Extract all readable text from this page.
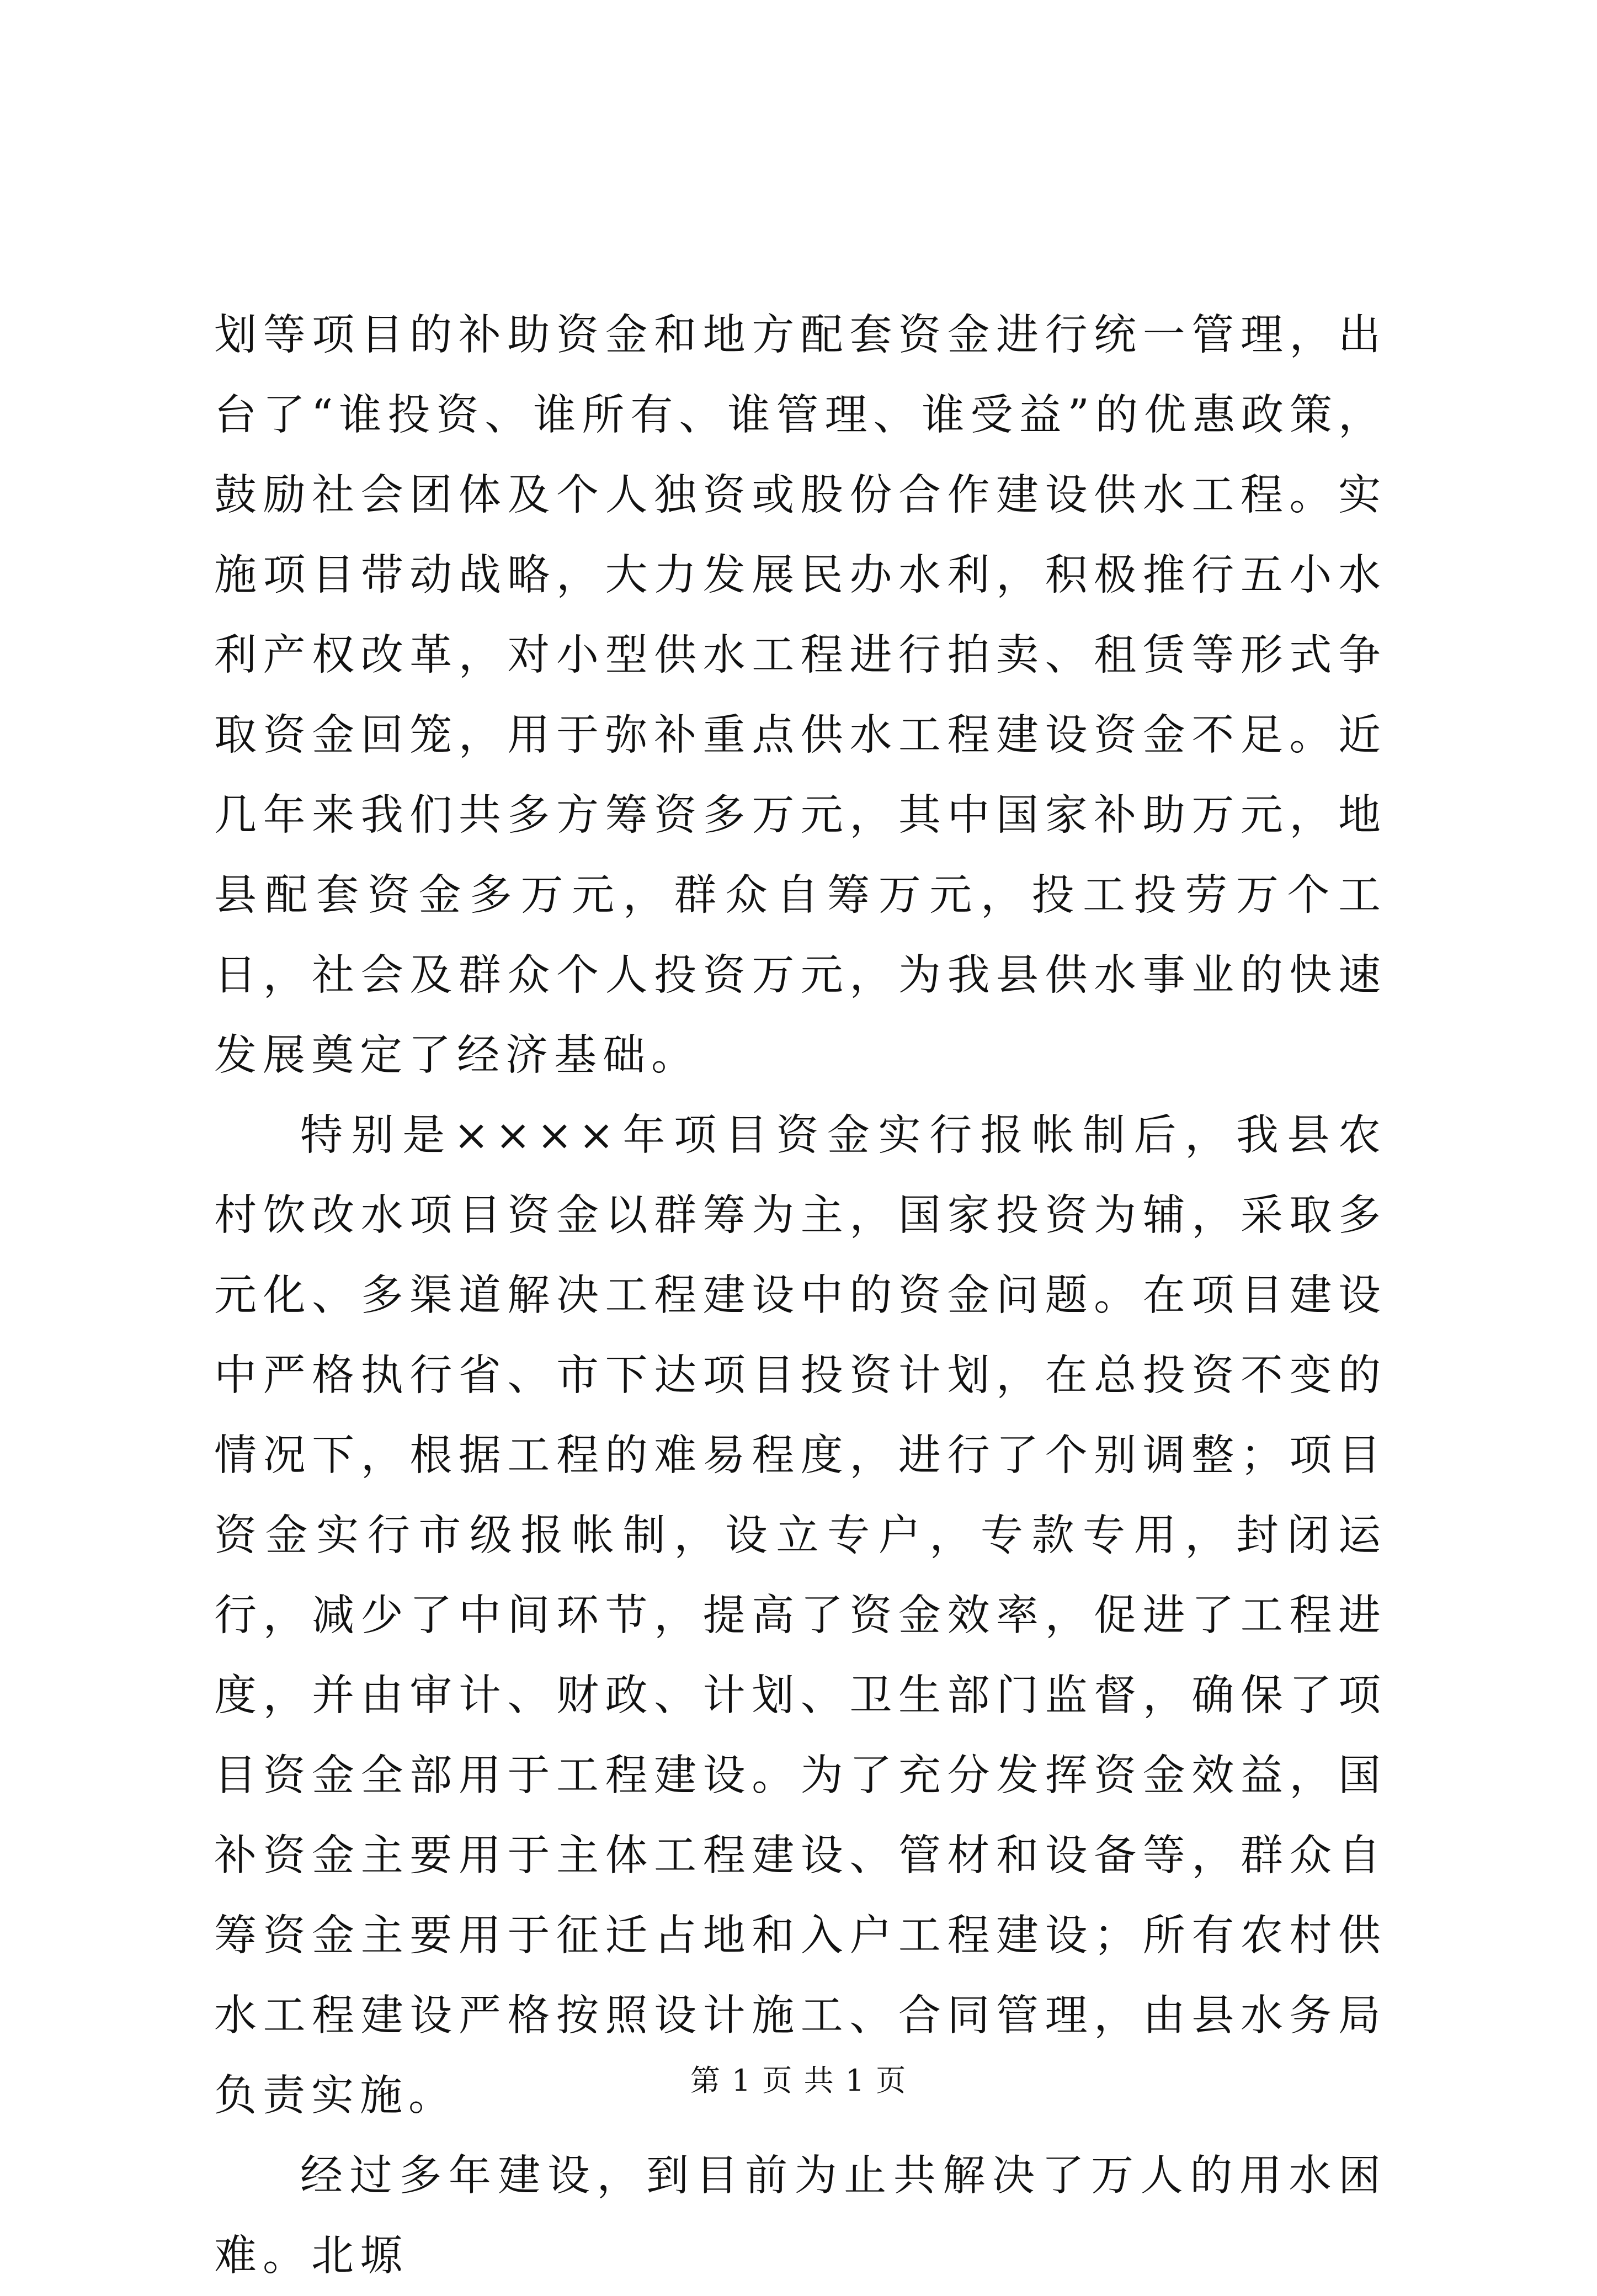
划等项目的补助资金和地方配套资金进行统一管理，出台了“谁投资、谁所有、谁管理、谁受益”的优惠政策，鼓励社会团体及个人独资或股份合作建设供水工程。实施项目带动战略，大力发展民办水利，积极推行五小水利产权改革，对小型供水工程进行拍卖、租赁等形式争取资金回笼，用于弥补重点供水工程建设资金不足。近几年来我们共多方筹资多万元，其中国家补助万元，地县配套资金多万元，群众自筹万元，投工投劳万个工日，社会及群众个人投资万元，为我县供水事业的快速发展奠定了经济基础。

特别是××××年项目资金实行报帐制后，我县农村饮改水项目资金以群筹为主，国家投资为辅，采取多元化、多渠道解决工程建设中的资金问题。在项目建设中严格执行省、市下达项目投资计划，在总投资不变的情况下，根据工程的难易程度，进行了个别调整；项目资金实行市级报帐制，设立专户，专款专用，封闭运行，减少了中间环节，提高了资金效率，促进了工程进度，并由审计、财政、计划、卫生部门监督，确保了项目资金全部用于工程建设。为了充分发挥资金效益，国补资金主要用于主体工程建设、管材和设备等，群众自筹资金主要用于征迁占地和入户工程建设；所有农村供水工程建设严格按照设计施工、合同管理，由县水务局负责实施。

经过多年建设，到目前为止共解决了万人的用水困难。北塬

第 1 页 共 1 页
